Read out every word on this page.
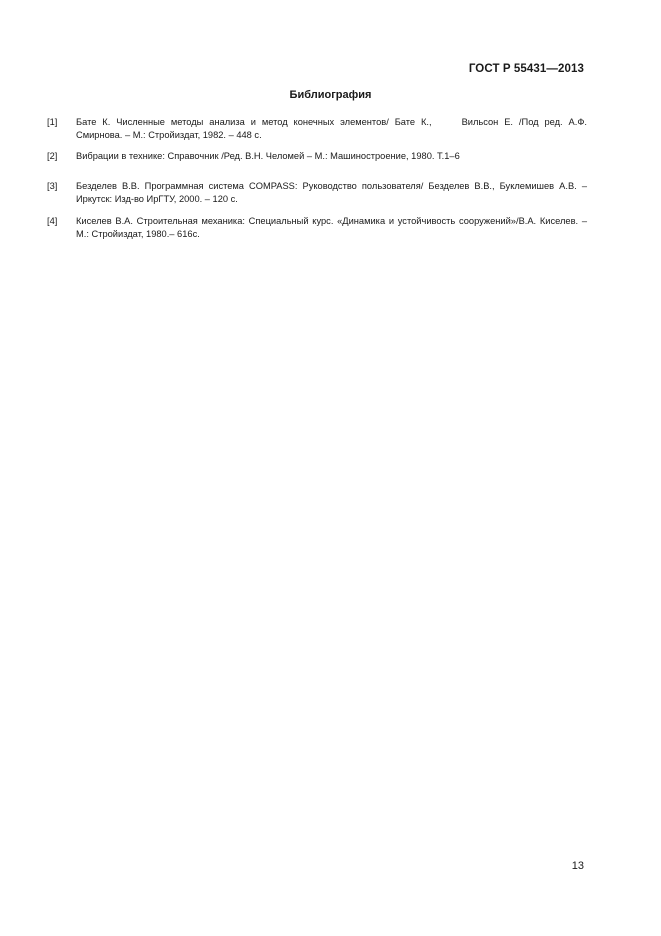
ГОСТ Р 55431—2013
Библиография
[1]	Бате К. Численные методы анализа и метод конечных элементов/ Бате К.,	Вильсон Е. /Под ред. А.Ф. Смирнова. – М.: Стройиздат, 1982. – 448 с.
[2]	Вибрации в технике: Справочник /Ред. В.Н. Челомей – М.: Машиностроение, 1980. Т.1–6
[3]	Безделев В.В. Программная система COMPASS: Руководство пользователя/ Безделев В.В., Буклемишев А.В. – Иркутск: Изд-во ИрГТУ, 2000. – 120 с.
[4]	Киселев В.А. Строительная механика: Специальный курс. «Динамика и устойчивость сооружений»/В.А. Киселев. – М.: Стройиздат, 1980.– 616с.
13
